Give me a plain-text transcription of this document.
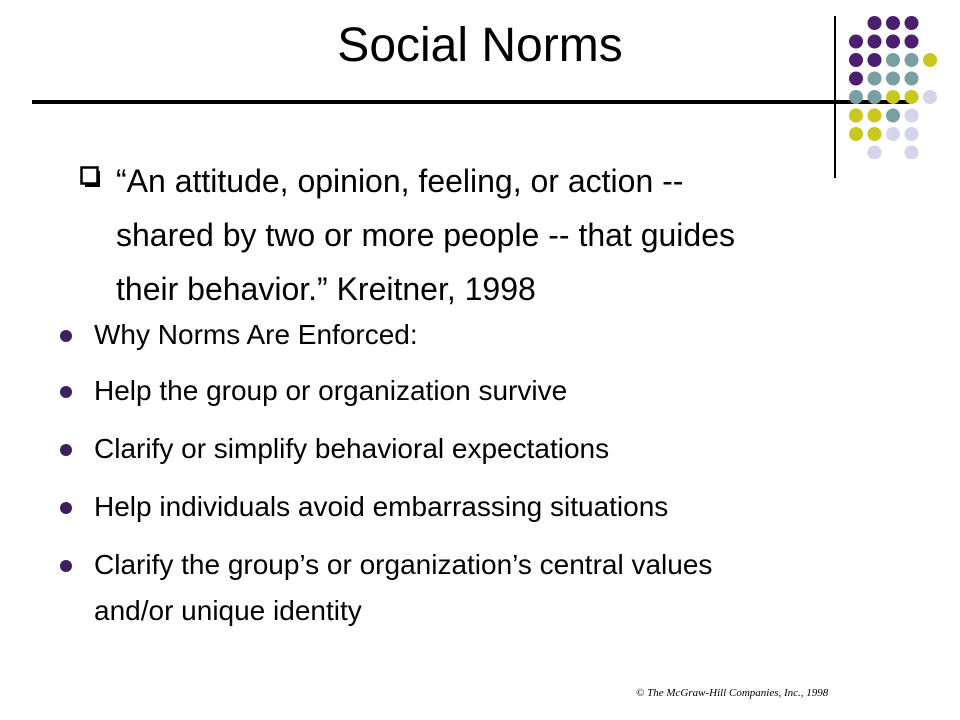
Social Norms
“An attitude, opinion, feeling, or action --
shared by two or more people -- that guides
their behavior.” Kreitner, 1998
Why Norms Are Enforced:
Help the group or organization survive
Clarify or simplify behavioral expectations
Help individuals avoid embarrassing situations
Clarify the group’s or organization’s central values
and/or unique identity
© The McGraw-Hill Companies, Inc., 1998
